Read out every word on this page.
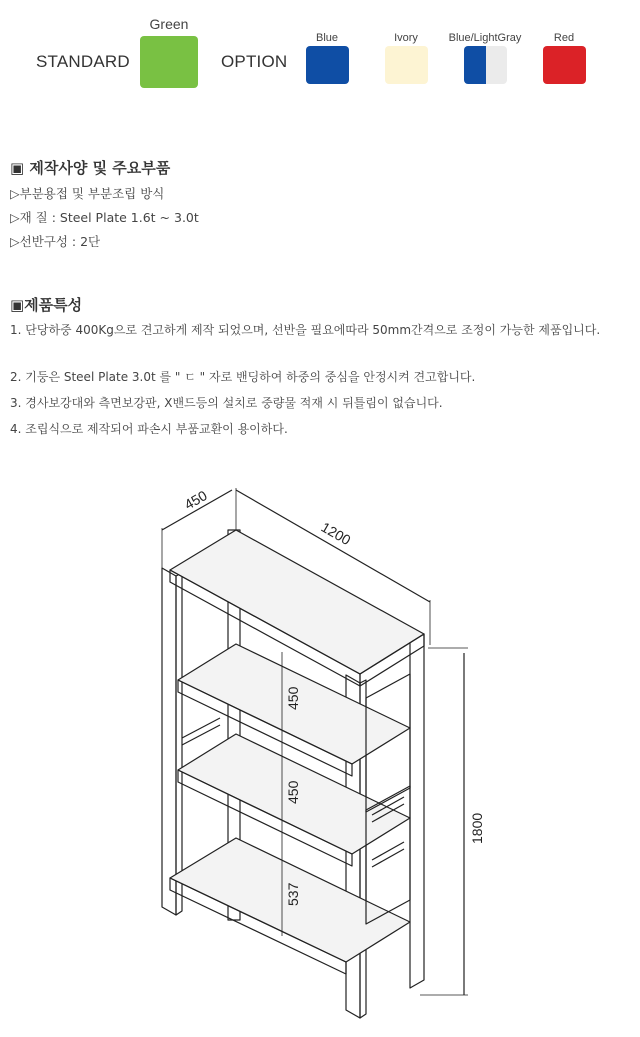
STANDARD
Green
OPTION
Blue	Ivory	Blue/LightGray	Red
▣ 제작사양 및 주요부품
▷부분용접 및 부분조립 방식
▷재 질 : Steel Plate 1.6t ~ 3.0t
▷선반구성 : 2단
▣제품특성
1. 단당하중 400Kg으로 견고하게 제작 되었으며, 선반을 필요에따라 50mm간격으로 조정이 가능한 제품입니다.
2. 기둥은 Steel Plate 3.0t 를 " ㄷ " 자로 밴딩하여 하중의 중심을 안정시켜 견고합니다.
3. 경사보강대와 측면보강판, X밴드등의 설치로 중량물 적재 시 뒤틀림이 없습니다.
4. 조립식으로 제작되어 파손시 부품교환이 용이하다.
450
1200
1800
450
450
537
